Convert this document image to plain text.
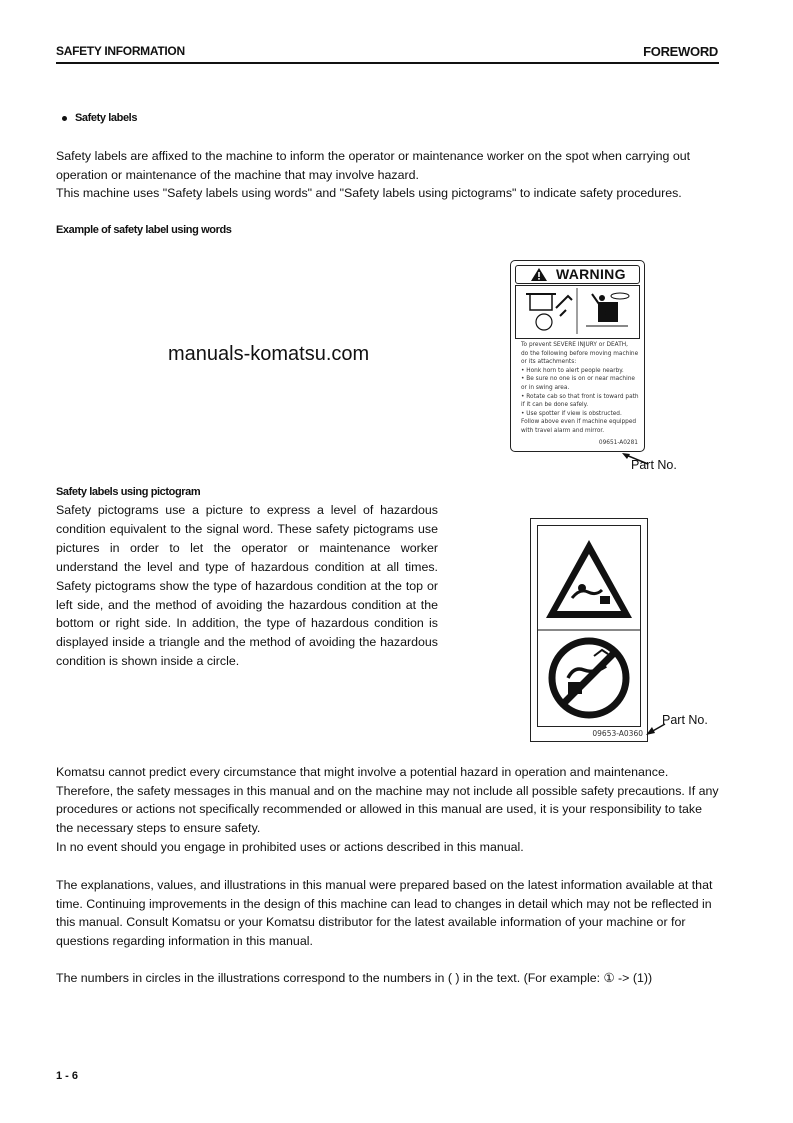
SAFETY INFORMATION	FOREWORD
Safety labels

Safety labels are affixed to the machine to inform the operator or maintenance worker on the spot when carrying out operation or maintenance of the machine that may involve hazard.

This machine uses "Safety labels using words" and "Safety labels using pictograms" to indicate safety procedures.

Example of safety label using words
manuals-komatsu.com
WARNING
To prevent SEVERE INJURY or DEATH,
do the following before moving machine
or its attachments:
• Honk horn to alert people nearby.
• Be sure no one is on or near machine
or in swing area.
• Rotate cab so that front is toward path
if it can be done safely.
• Use spotter if view is obstructed.
Follow above even if machine equipped
with travel alarm and mirror.
09651-A0281
Part No.
Safety labels using pictogram

Safety pictograms use a picture to express a level of hazardous condition equivalent to the signal word. These safety pictograms use pictures in order to let the operator or maintenance worker understand the level and type of hazardous condition at all times. Safety pictograms show the type of hazardous condition at the top or left side, and the method of avoiding the hazardous condition at the bottom or right side. In addition, the type of hazardous condition is displayed inside a triangle and the method of avoiding the hazardous condition is shown inside a circle.

09653-A0360
Part No.

Komatsu cannot predict every circumstance that might involve a potential hazard in operation and maintenance. Therefore, the safety messages in this manual and on the machine may not include all possible safety precautions. If any procedures or actions not specifically recommended or allowed in this manual are used, it is your responsibility to take the necessary steps to ensure safety.

In no event should you engage in prohibited uses or actions described in this manual.

The explanations, values, and illustrations in this manual were prepared based on the latest information available at that time. Continuing improvements in the design of this machine can lead to changes in detail which may not be reflected in this manual. Consult Komatsu or your Komatsu distributor for the latest available information of your machine or for questions regarding information in this manual.

The numbers in circles in the illustrations correspond to the numbers in ( ) in the text. (For example: ① -> (1))

1 - 6
